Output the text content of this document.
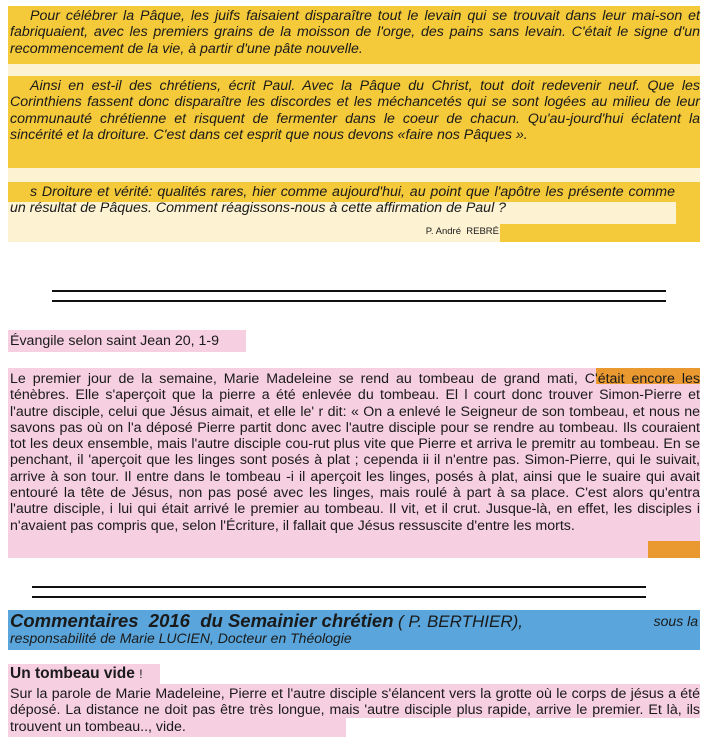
Pour célébrer la Pâque, les juifs faisaient disparaître tout le levain qui se trouvait dans leur mai-son et fabriquaient, avec les premiers grains de la moisson de l'orge, des pains sans levain. C'était le signe d'un recommencement de la vie, à partir d'une pâte nouvelle.

Ainsi en est-il des chrétiens, écrit Paul. Avec la Pâque du Christ, tout doit redevenir neuf. Que les Corinthiens fassent donc disparaître les discordes et les méchancetés qui se sont logées au milieu de leur communauté chrétienne et risquent de fermenter dans le coeur de chacun. Qu'au-jourd'hui éclatent la sincérité et la droiture. C'est dans cet esprit que nous devons «faire nos Pâques ».

s Droiture et vérité: qualités rares, hier comme aujourd'hui, au point que l'apôtre les présente comme un résultat de Pâques. Comment réagissons-nous à cette affirmation de Paul ?

P. André  REBRÉ
Évangile selon saint Jean 20, 1-9

Le premier jour de la semaine, Marie Madeleine se rend au tombeau de grand mati, C'était encore les ténèbres. Elle s'aperçoit que la pierre a été enlevée du tombeau. El l court donc trouver Simon-Pierre et l'autre disciple, celui que Jésus aimait, et elle le' r dit: « On a enlevé le Seigneur de son tombeau, et nous ne savons pas où on l'a déposé Pierre partit donc avec l'autre disciple pour se rendre au tombeau. Ils couraient tot les deux ensemble, mais l'autre disciple cou-rut plus vite que Pierre et arriva le premitr au tombeau. En se penchant, il 'aperçoit que les linges sont posés à plat ; cependa ii il n'entre pas. Simon-Pierre, qui le suivait, arrive à son tour. Il entre dans le tombeau -i il aperçoit les linges, posés à plat, ainsi que le suaire qui avait entouré la tête de Jésus, non pas posé avec les linges, mais roulé à part à sa place. C'est alors qu'entra l'autre disciple, i lui qui était arrivé le premier au tombeau. Il vit, et il crut. Jusque-là, en effet, les disciples i n'avaient pas compris que, selon l'Écriture, il fallait que Jésus ressuscite d'entre les morts.

Commentaires  2016  du Semainier chrétien ( P. BERTHIER),	sous la
responsabilité de Marie LUCIEN, Docteur en Théologie
Un tombeau vide !

Sur la parole de Marie Madeleine, Pierre et l'autre disciple s'élancent vers la grotte où le corps de jésus a été déposé. La distance ne doit pas être très longue, mais 'autre disciple plus rapide, arrive le premier. Et là, ils trouvent un tombeau.., vide.
